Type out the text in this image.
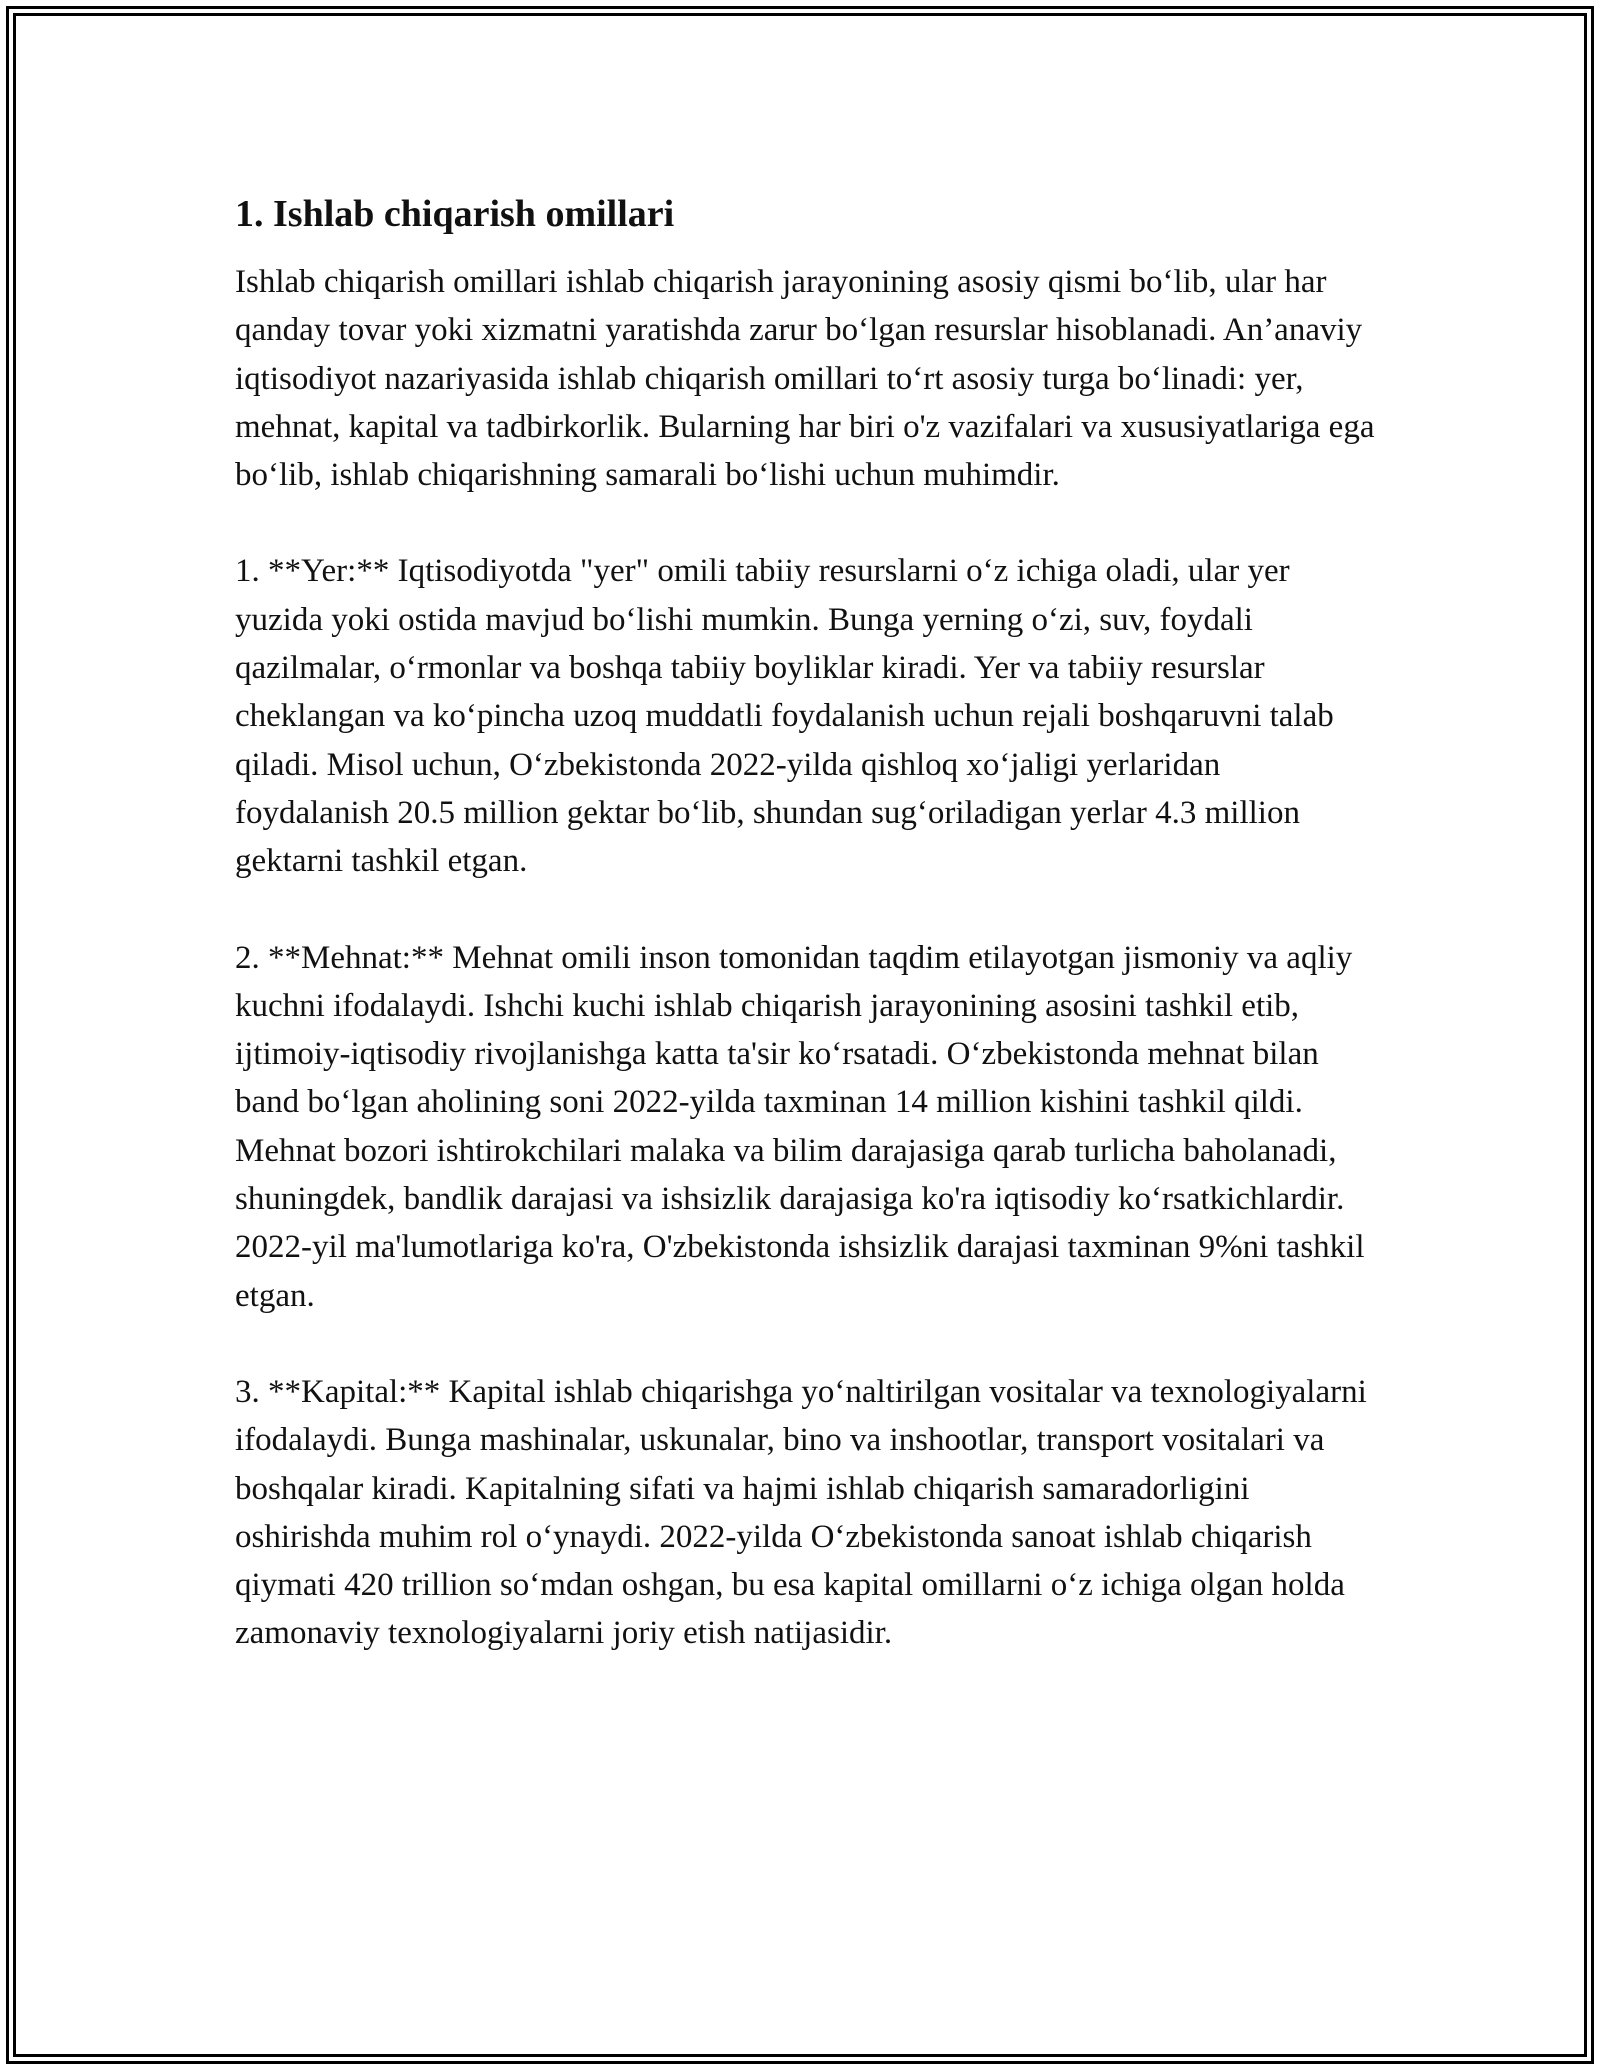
1. Ishlab chiqarish omillari

Ishlab chiqarish omillari ishlab chiqarish jarayonining asosiy qismi bo‘lib, ular har qanday tovar yoki xizmatni yaratishda zarur bo‘lgan resurslar hisoblanadi. An’anaviy iqtisodiyot nazariyasida ishlab chiqarish omillari to‘rt asosiy turga bo‘linadi: yer, mehnat, kapital va tadbirkorlik. Bularning har biri o'z vazifalari va xususiyatlariga ega bo‘lib, ishlab chiqarishning samarali bo‘lishi uchun muhimdir.

1. **Yer:** Iqtisodiyotda "yer" omili tabiiy resurslarni o‘z ichiga oladi, ular yer yuzida yoki ostida mavjud bo‘lishi mumkin. Bunga yerning o‘zi, suv, foydali qazilmalar, o‘rmonlar va boshqa tabiiy boyliklar kiradi. Yer va tabiiy resurslar cheklangan va ko‘pincha uzoq muddatli foydalanish uchun rejali boshqaruvni talab qiladi. Misol uchun, O‘zbekistonda 2022-yilda qishloq xo‘jaligi yerlaridan foydalanish 20.5 million gektar bo‘lib, shundan sug‘oriladigan yerlar 4.3 million gektarni tashkil etgan.

2. **Mehnat:** Mehnat omili inson tomonidan taqdim etilayotgan jismoniy va aqliy kuchni ifodalaydi. Ishchi kuchi ishlab chiqarish jarayonining asosini tashkil etib, ijtimoiy-iqtisodiy rivojlanishga katta ta'sir ko‘rsatadi. O‘zbekistonda mehnat bilan band bo‘lgan aholining soni 2022-yilda taxminan 14 million kishini tashkil qildi. Mehnat bozori ishtirokchilari malaka va bilim darajasiga qarab turlicha baholanadi, shuningdek, bandlik darajasi va ishsizlik darajasiga ko'ra iqtisodiy ko‘rsatkichlardir. 2022-yil ma'lumotlariga ko'ra, O'zbekistonda ishsizlik darajasi taxminan 9%ni tashkil etgan.

3. **Kapital:** Kapital ishlab chiqarishga yo‘naltirilgan vositalar va texnologiyalarni ifodalaydi. Bunga mashinalar, uskunalar, bino va inshootlar, transport vositalari va boshqalar kiradi. Kapitalning sifati va hajmi ishlab chiqarish samaradorligini oshirishda muhim rol o‘ynaydi. 2022-yilda O‘zbekistonda sanoat ishlab chiqarish qiymati 420 trillion so‘mdan oshgan, bu esa kapital omillarni o‘z ichiga olgan holda zamonaviy texnologiyalarni joriy etish natijasidir.
